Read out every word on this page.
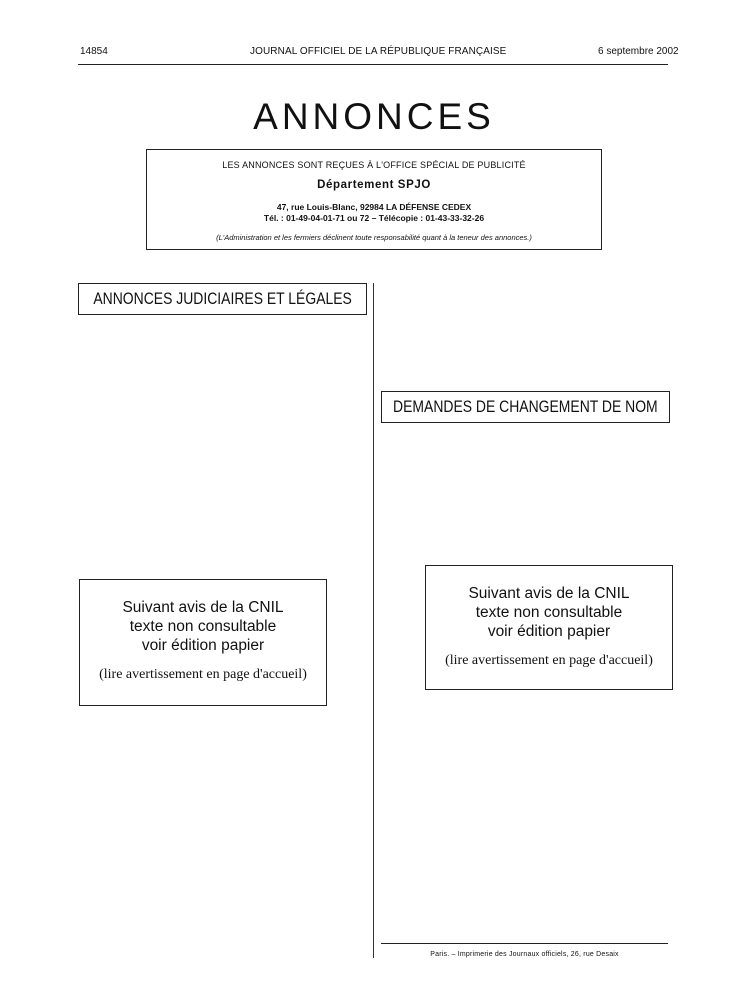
14854	JOURNAL OFFICIEL DE LA RÉPUBLIQUE FRANÇAISE	6 septembre 2002
ANNONCES
LES ANNONCES SONT REÇUES À L'OFFICE SPÉCIAL DE PUBLICITÉ
Département SPJO
47, rue Louis-Blanc, 92984 LA DÉFENSE CEDEX
Tél. : 01-49-04-01-71 ou 72 – Télécopie : 01-43-33-32-26
(L'Administration et les fermiers déclinent toute responsabilité quant à la teneur des annonces.)
ANNONCES JUDICIAIRES ET LÉGALES
DEMANDES DE CHANGEMENT DE NOM
Suivant avis de la CNIL
texte non consultable
voir édition papier
(lire avertissement en page d'accueil)
Suivant avis de la CNIL
texte non consultable
voir édition papier
(lire avertissement en page d'accueil)
Paris. – Imprimerie des Journaux officiels, 26, rue Desaix
